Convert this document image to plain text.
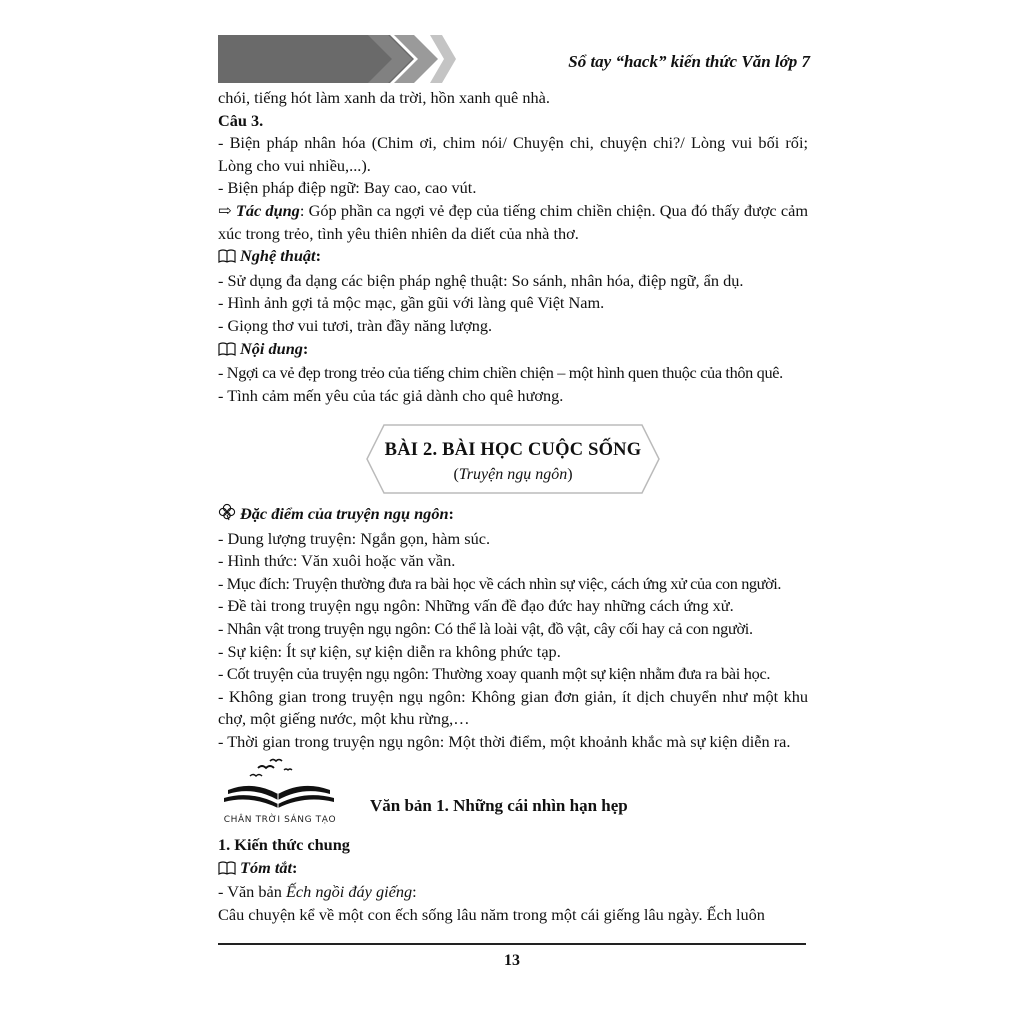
Sổ tay “hack” kiến thức Văn lớp 7

chói, tiếng hót làm xanh da trời, hồn xanh quê nhà.

Câu 3.

- Biện pháp nhân hóa (Chim ơi, chim nói/ Chuyện chi, chuyện chi?/ Lòng vui bối rối; Lòng cho vui nhiều,...).

- Biện pháp điệp ngữ: Bay cao, cao vút.

⇨ Tác dụng: Góp phần ca ngợi vẻ đẹp của tiếng chim chiền chiện. Qua đó thấy được cảm xúc trong trẻo, tình yêu thiên nhiên da diết của nhà thơ.

Nghệ thuật:

- Sử dụng đa dạng các biện pháp nghệ thuật: So sánh, nhân hóa, điệp ngữ, ẩn dụ.

- Hình ảnh gợi tả mộc mạc, gần gũi với làng quê Việt Nam.

- Giọng thơ vui tươi, tràn đầy năng lượng.

Nội dung:

- Ngợi ca vẻ đẹp trong trẻo của tiếng chim chiền chiện – một hình quen thuộc của thôn quê.

- Tình cảm mến yêu của tác giả dành cho quê hương.

BÀI 2. BÀI HỌC CUỘC SỐNG
(Truyện ngụ ngôn)

Đặc điểm của truyện ngụ ngôn:

- Dung lượng truyện: Ngắn gọn, hàm súc.

- Hình thức: Văn xuôi hoặc văn vần.

- Mục đích: Truyện thường đưa ra bài học về cách nhìn sự việc, cách ứng xử của con người.

- Đề tài trong truyện ngụ ngôn: Những vấn đề đạo đức hay những cách ứng xử.

- Nhân vật trong truyện ngụ ngôn: Có thể là loài vật, đồ vật, cây cối hay cả con người.

- Sự kiện: Ít sự kiện, sự kiện diễn ra không phức tạp.

- Cốt truyện của truyện ngụ ngôn: Thường xoay quanh một sự kiện nhằm đưa ra bài học.

- Không gian trong truyện ngụ ngôn: Không gian đơn giản, ít dịch chuyển như một khu chợ, một giếng nước, một khu rừng,…

- Thời gian trong truyện ngụ ngôn: Một thời điểm, một khoảnh khắc mà sự kiện diễn ra.

CHÂN TRỜI SÁNG TẠO
Văn bản 1. Những cái nhìn hạn hẹp

1. Kiến thức chung

Tóm tắt:

- Văn bản Ếch ngồi đáy giếng:

Câu chuyện kể về một con ếch sống lâu năm trong một cái giếng lâu ngày. Ếch luôn

13
